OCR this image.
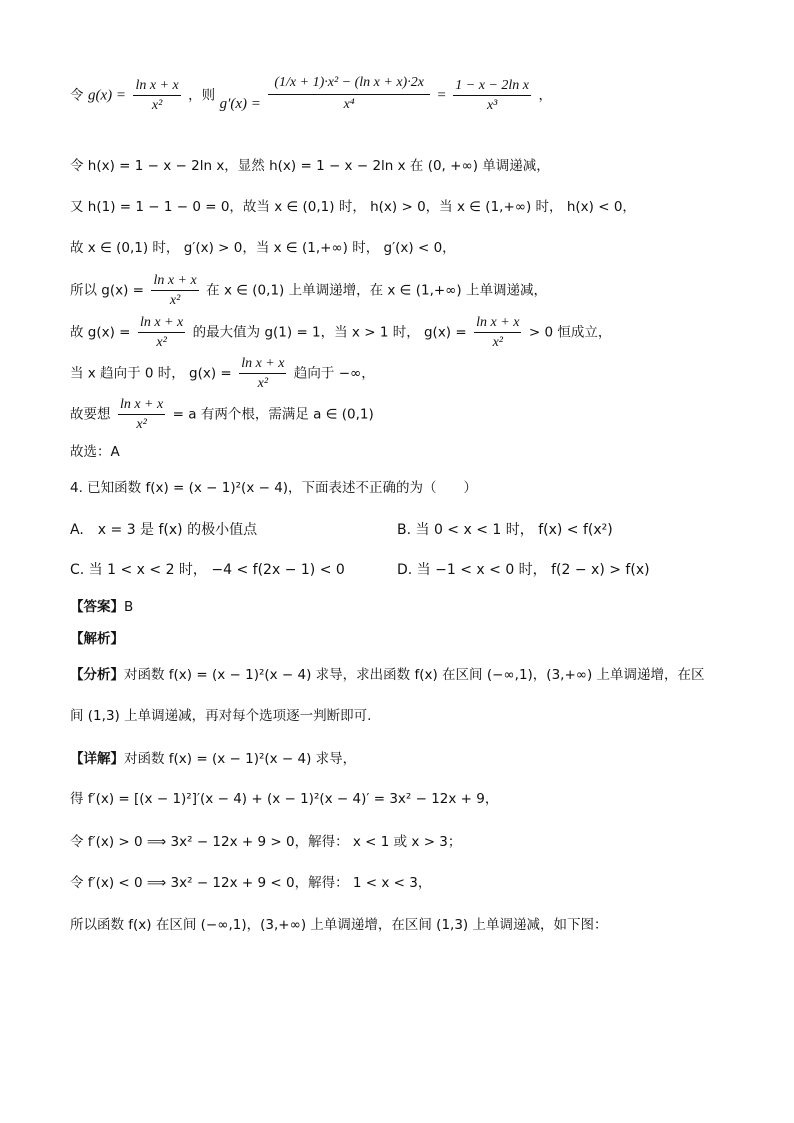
令 $g(x) = \frac{\text{ln x + x}}{\text{x²}}$ ，则 $g'(x) = \frac{\text{(1/x + 1)·x² − (ln x + x)·2x}}{\text{x⁴}} = \frac{\text{1 − x − 2ln x}}{\text{x³}}$ ，
令 h(x) = 1 − x − 2ln x，显然 h(x) = 1 − x − 2ln x 在 (0, +∞) 单调递减，
又 h(1) = 1 − 1 − 0 = 0，故当 x ∈ (0,1) 时， h(x) > 0，当 x ∈ (1,+∞) 时， h(x) < 0，
故 x ∈ (0,1) 时， g′(x) > 0，当 x ∈ (1,+∞) 时， g′(x) < 0，
所以 $g(x) = \frac{\text{ln x + x}}{\text{x²}}$ 在 x ∈ (0,1) 上单调递增，在 x ∈ (1,+∞) 上单调递减，
故 $g(x) = \frac{\text{ln x + x}}{\text{x²}}$ 的最大值为 g(1) = 1，当 x > 1 时， $g(x) = \frac{\text{ln x + x}}{\text{x²}} > 0$ 恒成立，
当 x 趋向于 0 时， $g(x) = \frac{\text{ln x + x}}{\text{x²}}$ 趋向于 −∞，
故要想 $\frac{\text{ln x + x}}{\text{x²}} = a$ 有两个根，需满足 a ∈ (0,1)
故选：A
4. 已知函数 f(x) = (x − 1)²(x − 4)，下面表述不正确的为（　　）
A.　x = 3 是 f(x) 的极小值点	B. 当 0 < x < 1 时， f(x) < f(x²)
C. 当 1 < x < 2 时， −4 < f(2x − 1) < 0	D. 当 −1 < x < 0 时， f(2 − x) > f(x)
【答案】B
【解析】
【分析】对函数 f(x) = (x − 1)²(x − 4) 求导，求出函数 f(x) 在区间 (−∞,1)，(3,+∞) 上单调递增，在区
间 (1,3) 上单调递减，再对每个选项逐一判断即可.
【详解】对函数 f(x) = (x − 1)²(x − 4) 求导，
得 f′(x) = [(x − 1)²]′(x − 4) + (x − 1)²(x − 4)′ = 3x² − 12x + 9，
令 f′(x) > 0 ⟹ 3x² − 12x + 9 > 0，解得： x < 1 或 x > 3；
令 f′(x) < 0 ⟹ 3x² − 12x + 9 < 0，解得： 1 < x < 3，
所以函数 f(x) 在区间 (−∞,1)，(3,+∞) 上单调递增，在区间 (1,3) 上单调递减，如下图：
